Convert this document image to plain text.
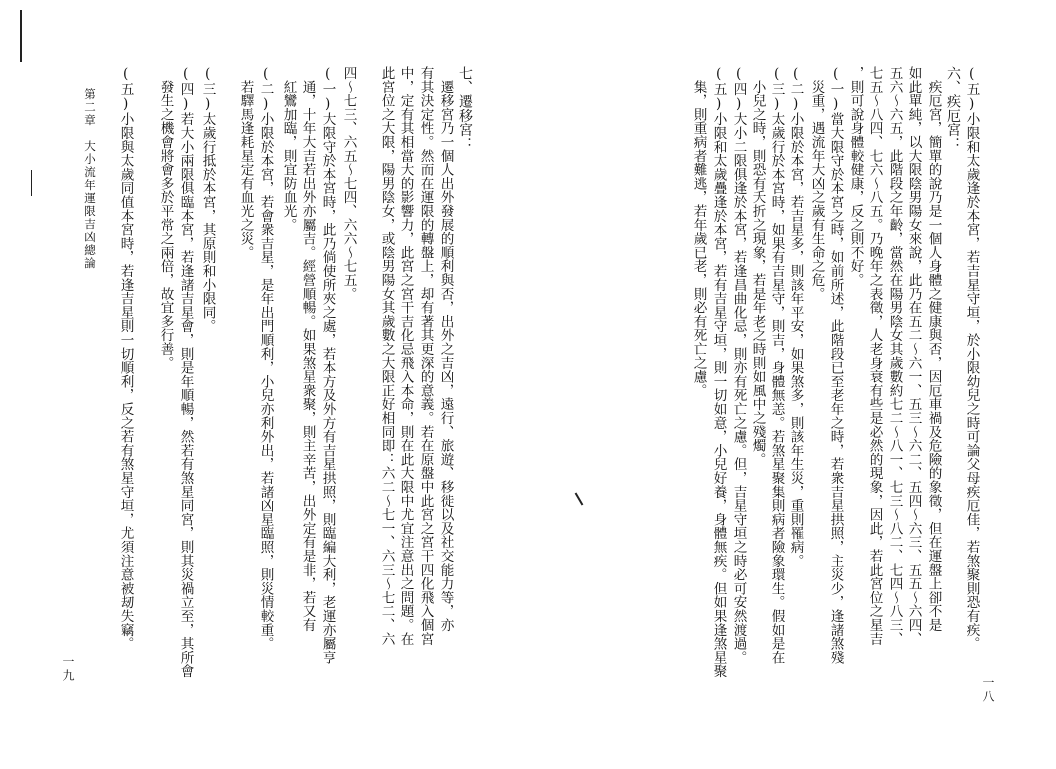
(五)小限和太歲逢於本宮，若吉星守垣，於小限幼兒之時可論父母疾厄佳，若煞聚則恐有疾。
六、疾厄宮：
　疾厄宮，簡單的說乃是一個人身體之健康與否，因厄車禍及危險的象徵，但在運盤上卻不是
如此單純，以大限陰男陽女來說，此乃在五二～六一、五三～六二、五四～六三、五五～六四、
五六～六五，此階段之年齡，當然在陽男陰女其歲數約七二～八一、七三～八二、七四～八三、
七五～八四、七六～八五。乃晚年之表徵，人老身衰有些是必然的現象，因此，若此宮位之星吉
，則可說身體較健康，反之則不好。
(一)當大限守於本宮之時，如前所述，此階段已至老年之時，若衆吉星拱照，主災少，逢諸煞殘
　災重，遇流年大凶之歲有生命之危。
(二)小限於本宮，若吉星多，則該年平安，如果煞多，則該年生災，重則罹病。
(三)太歲行於本宮時，如果有吉星守，則吉，身體無恙。若煞星聚集則病者險象環生。假如是在
　小兒之時，則恐有夭折之現象，若是年老之時則如風中之殘燭。
(四)大小二限俱逢於本宮，若逢昌曲化忌，則亦有死亡之慮。但，吉星守垣之時必可安然渡過。
(五)小限和太歲疊逢於本宮，若有吉星守垣，則一切如意，小兒好養，身體無疾。但如果逢煞星聚
　集，則重病者難逃，若年歲已老，則必有死亡之慮。
一八
七、遷移宮：
　遷移宮乃一個人出外發展的順利與否，出外之吉凶，遠行、旅遊、移徙以及社交能力等，亦
有其決定性。然而在運限的轉盤上，却有著其更深的意義。若在原盤中此宮之宮干四化飛入個宮
中，定有其相當大的影響力，此宮之宮干吉化忌飛入本命，則在此大限中尤宜注意出之問題。在
此宮位之大限，陽男陰女，或陰男陽女其歲數之大限正好相同即：六二～七一、六三～七二、六
四～七三、六五～七四、六六～七五。
(一)大限守於本宮時，此乃倘使所夾之處，若本方及外方有吉星拱照，則臨編大利，老運亦屬亨
　通，十年大吉若出外亦屬吉。經營順暢。如果煞星衆聚，則主辛苦，出外定有是非，若又有
　紅鸞加臨，則宜防血光。
(二)小限於本宮，若會衆吉星，是年出門順利，小兒亦利外出，若諸凶星臨照，則災情較重。
　若驛馬逢耗星定有血光之災。
(三)太歲行抵於本宮，其原則和小限同。
(四)若大小兩限俱臨本宮，若逢諸吉星會，則是年順暢，然若有煞星同宮，則其災禍立至，其所會
　發生之機會將會多於平常之兩倍，故宜多行善。
(五)小限與太歲同值本宮時，若逢吉星則一切順利，反之若有煞星守垣，尤須注意被刼失竊。
第二章　大小流年運限吉凶總論
一九
